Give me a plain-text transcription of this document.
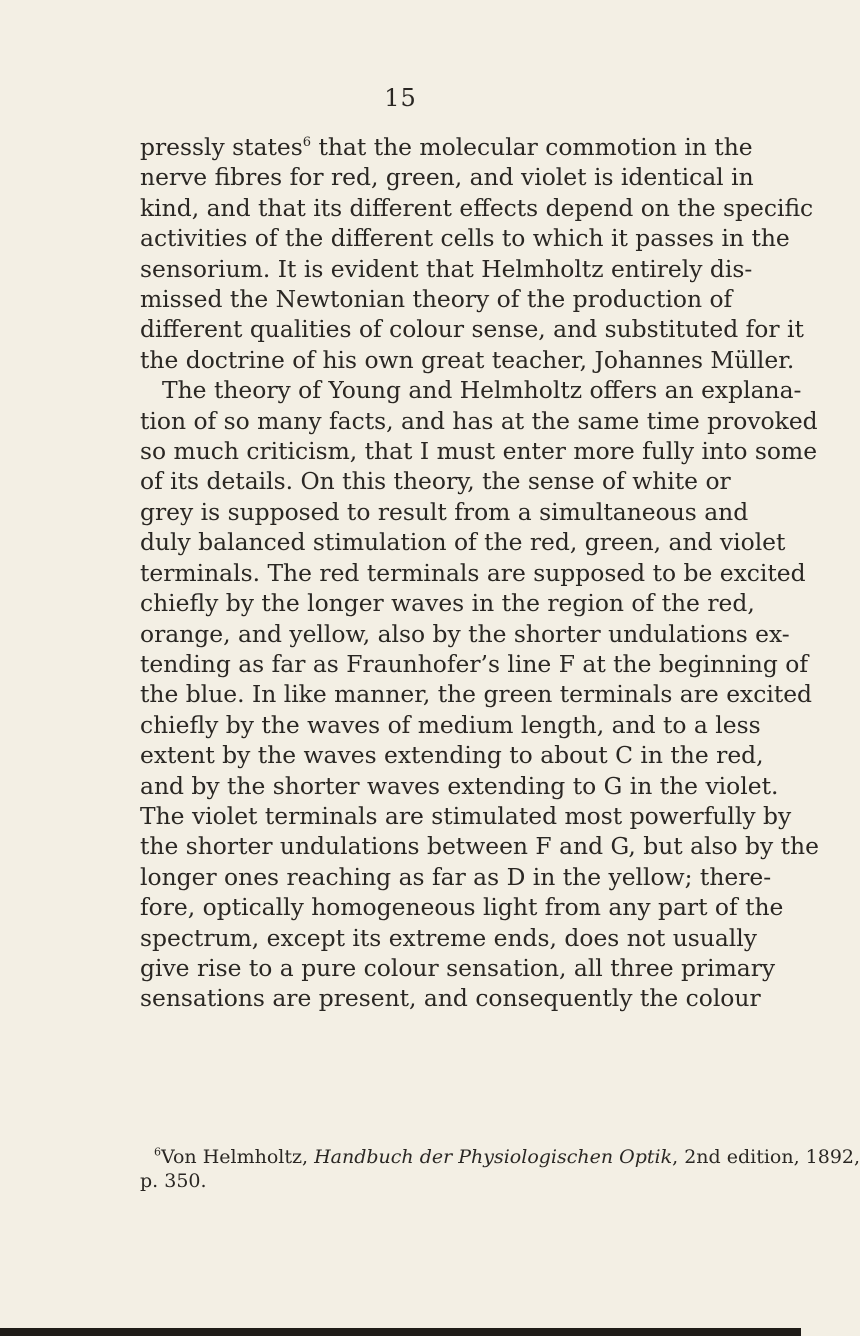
15
pressly states$^6$ that the molecular commotion in the
nerve fibres for red, green, and violet is identical in
kind, and that its different effects depend on the specific
activities of the different cells to which it passes in the
sensorium. It is evident that Helmholtz entirely dis-
missed the Newtonian theory of the production of
different qualities of colour sense, and substituted for it
the doctrine of his own great teacher, Johannes Müller.
The theory of Young and Helmholtz offers an explana-
tion of so many facts, and has at the same time provoked
so much criticism, that I must enter more fully into some
of its details. On this theory, the sense of white or
grey is supposed to result from a simultaneous and
duly balanced stimulation of the red, green, and violet
terminals. The red terminals are supposed to be excited
chiefly by the longer waves in the region of the red,
orange, and yellow, also by the shorter undulations ex-
tending as far as Fraunhofer’s line F at the beginning of
the blue. In like manner, the green terminals are excited
chiefly by the waves of medium length, and to a less
extent by the waves extending to about C in the red,
and by the shorter waves extending to G in the violet.
The violet terminals are stimulated most powerfully by
the shorter undulations between F and G, but also by the
longer ones reaching as far as D in the yellow; there-
fore, optically homogeneous light from any part of the
spectrum, except its extreme ends, does not usually
give rise to a pure colour sensation, all three primary
sensations are present, and consequently the colour
$^6$Von Helmholtz, Handbuch der Physiologischen Optik, 2nd edition, 1892,
p. 350.
